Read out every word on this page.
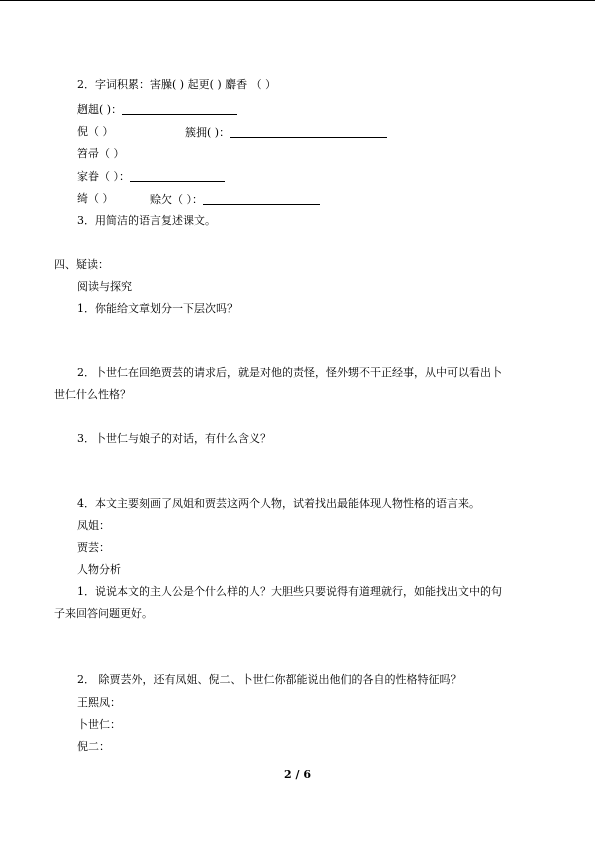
2．字词积累：害臊( ) 起更( ) 麝香 （ ）
趔趄( )：
倪（ ）	簇拥( )：
笤帚（ ）
家眷（ ）：
绮（ ）	赊欠（ ）：
3．用简洁的语言复述课文。
四、疑读：
阅读与探究
1．你能给文章划分一下层次吗？
2．卜世仁在回绝贾芸的请求后，就是对他的责怪，怪外甥不干正经事，从中可以看出卜
世仁什么性格？
3．卜世仁与娘子的对话，有什么含义？
4．本文主要刻画了凤姐和贾芸这两个人物，试着找出最能体现人物性格的语言来。
凤姐：
贾芸：
人物分析
1．说说本文的主人公是个什么样的人？大胆些只要说得有道理就行，如能找出文中的句
子来回答问题更好。
2． 除贾芸外，还有凤姐、倪二、卜世仁你都能说出他们的各自的性格特征吗？
王熙凤：
卜世仁：
倪二：
2 / 6
